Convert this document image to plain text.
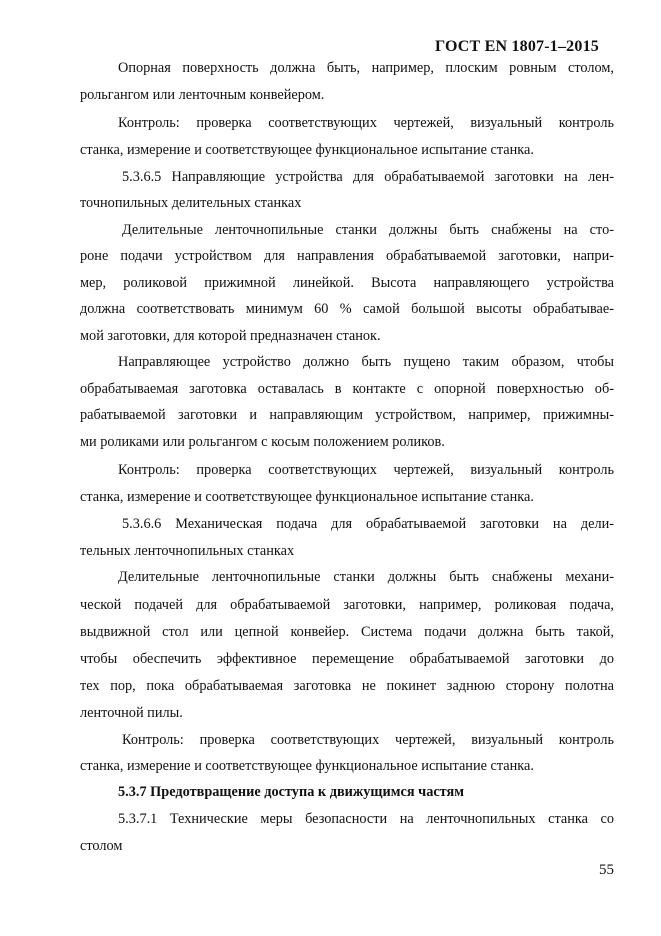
ГОСТ EN 1807-1–2015
Опорная поверхность должна быть, например, плоским ровным столом,
рольгангом или ленточным конвейером.
Контроль: проверка соответствующих чертежей, визуальный контроль
станка, измерение и соответствующее функциональное испытание станка.
5.3.6.5 Направляющие устройства для обрабатываемой заготовки на лен-
точнопильных делительных станках
Делительные ленточнопильные станки должны быть снабжены на сто-
роне подачи устройством для направления обрабатываемой заготовки, напри-
мер, роликовой прижимной линейкой. Высота направляющего устройства
должна соответствовать минимум 60 % самой большой высоты обрабатывае-
мой заготовки, для которой предназначен станок.
Направляющее устройство должно быть пущено таким образом, чтобы
обрабатываемая заготовка оставалась в контакте с опорной поверхностью об-
рабатываемой заготовки и направляющим устройством, например, прижимны-
ми роликами или рольгангом с косым положением роликов.
Контроль: проверка соответствующих чертежей, визуальный контроль
станка, измерение и соответствующее функциональное испытание станка.
5.3.6.6 Механическая подача для обрабатываемой заготовки на дели-
тельных ленточнопильных станках
Делительные ленточнопильные станки должны быть снабжены механи-
ческой подачей для обрабатываемой заготовки, например, роликовая подача,
выдвижной стол или цепной конвейер. Система подачи должна быть такой,
чтобы обеспечить эффективное перемещение обрабатываемой заготовки до
тех пор, пока обрабатываемая заготовка не покинет заднюю сторону полотна
ленточной пилы.
Контроль: проверка соответствующих чертежей, визуальный контроль
станка, измерение и соответствующее функциональное испытание станка.
5.3.7 Предотвращение доступа к движущимся частям
5.3.7.1 Технические меры безопасности на ленточнопильных станка со
столом
55
